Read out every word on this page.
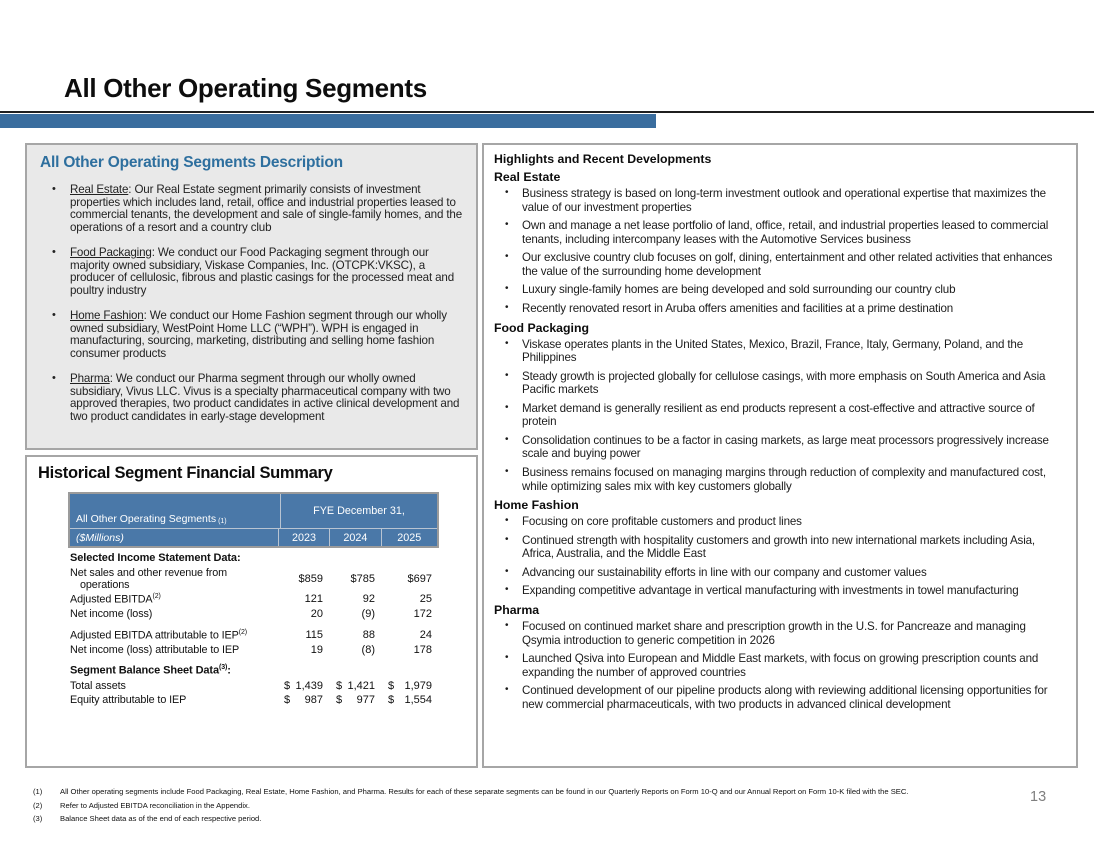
All Other Operating Segments
All Other Operating Segments Description
• Real Estate: Our Real Estate segment primarily consists of investment properties which includes land, retail, office and industrial properties leased to commercial tenants, the development and sale of single-family homes, and the operations of a resort and a country club
• Food Packaging: We conduct our Food Packaging segment through our majority owned subsidiary, Viskase Companies, Inc. (OTCPK:VKSC), a producer of cellulosic, fibrous and plastic casings for the processed meat and poultry industry
• Home Fashion: We conduct our Home Fashion segment through our wholly owned subsidiary, WestPoint Home LLC (“WPH”). WPH is engaged in manufacturing, sourcing, marketing, distributing and selling home fashion consumer products
• Pharma: We conduct our Pharma segment through our wholly owned subsidiary, Vivus LLC. Vivus is a specialty pharmaceutical company with two approved therapies, two product candidates in active clinical development and two product candidates in early-stage development
Historical Segment Financial Summary
All Other Operating Segments $_{(1)}$
FYE December 31,
($Millions)	2023	2024	2025
Selected Income Statement Data:
Net sales and other revenue from
operations	$859	$785	$697
Adjusted EBITDA$^{(2)}$	121	92	25
Net income (loss)	20	(9)	172
Adjusted EBITDA attributable to IEP$^{(2)}$	115	88	24
Net income (loss) attributable to IEP	19	(8)	178
Segment Balance Sheet Data$^{(3)}$:
Total assets	$ 1,439 $ 1,421 $ 1,979
Equity attributable to IEP	$ 987 $ 977 $ 1,554
Highlights and Recent Developments
Real Estate
• Business strategy is based on long-term investment outlook and operational expertise that maximizes the value of our investment properties
• Own and manage a net lease portfolio of land, office, retail, and industrial properties leased to commercial tenants, including intercompany leases with the Automotive Services business
• Our exclusive country club focuses on golf, dining, entertainment and other related activities that enhances the value of the surrounding home development
• Luxury single-family homes are being developed and sold surrounding our country club
• Recently renovated resort in Aruba offers amenities and facilities at a prime destination
Food Packaging
• Viskase operates plants in the United States, Mexico, Brazil, France, Italy, Germany, Poland, and the Philippines
• Steady growth is projected globally for cellulose casings, with more emphasis on South America and Asia Pacific markets
• Market demand is generally resilient as end products represent a cost-effective and attractive source of protein
• Consolidation continues to be a factor in casing markets, as large meat processors progressively increase scale and buying power
• Business remains focused on managing margins through reduction of complexity and manufactured cost, while optimizing sales mix with key customers globally
Home Fashion
• Focusing on core profitable customers and product lines
• Continued strength with hospitality customers and growth into new international markets including Asia, Africa, Australia, and the Middle East
• Advancing our sustainability efforts in line with our company and customer values
• Expanding competitive advantage in vertical manufacturing with investments in towel manufacturing
Pharma
• Focused on continued market share and prescription growth in the U.S. for Pancreaze and managing Qsymia introduction to generic competition in 2026
• Launched Qsiva into European and Middle East markets, with focus on growing prescription counts and expanding the number of approved countries
• Continued development of our pipeline products along with reviewing additional licensing opportunities for new commercial pharmaceuticals, with two products in advanced clinical development
(1)	All Other operating segments include Food Packaging, Real Estate, Home Fashion, and Pharma. Results for each of these separate segments can be found in our Quarterly Reports on Form 10-Q and our Annual Report on Form 10-K filed with the SEC.
(2)	Refer to Adjusted EBITDA reconciliation in the Appendix.
(3)	Balance Sheet data as of the end of each respective period.
13
